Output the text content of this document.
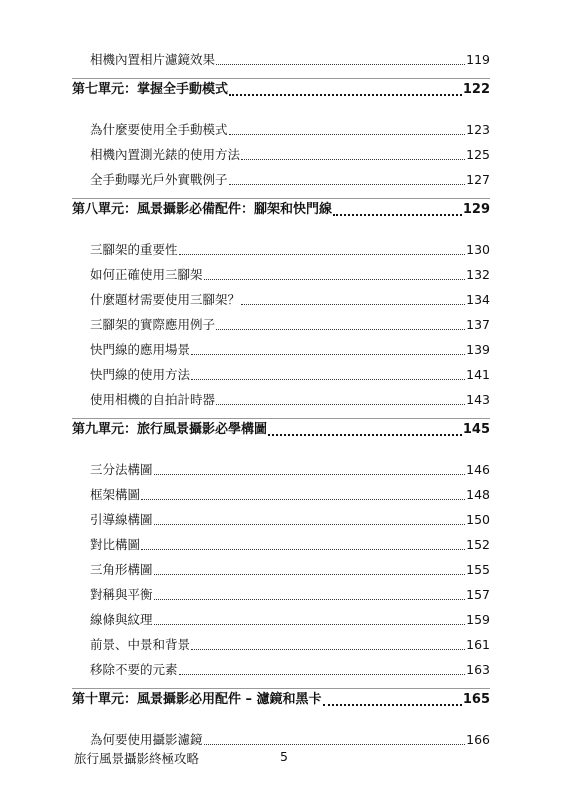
相機內置相片濾鏡效果	119
第七單元：掌握全手動模式	122
為什麼要使用全手動模式	123
相機內置測光錶的使用方法	125
全手動曝光戶外實戰例子	127
第八單元：風景攝影必備配件：腳架和快門線	129
三腳架的重要性	130
如何正確使用三腳架	132
什麼題材需要使用三腳架？	134
三腳架的實際應用例子	137
快門線的應用場景	139
快門線的使用方法	141
使用相機的自拍計時器	143
第九單元：旅行風景攝影必學構圖	145
三分法構圖	146
框架構圖	148
引導線構圖	150
對比構圖	152
三角形構圖	155
對稱與平衡	157
線條與紋理	159
前景、中景和背景	161
移除不要的元素	163
第十單元：風景攝影必用配件 – 濾鏡和黑卡	165
為何要使用攝影濾鏡	166
旅行風景攝影終極攻略	5
